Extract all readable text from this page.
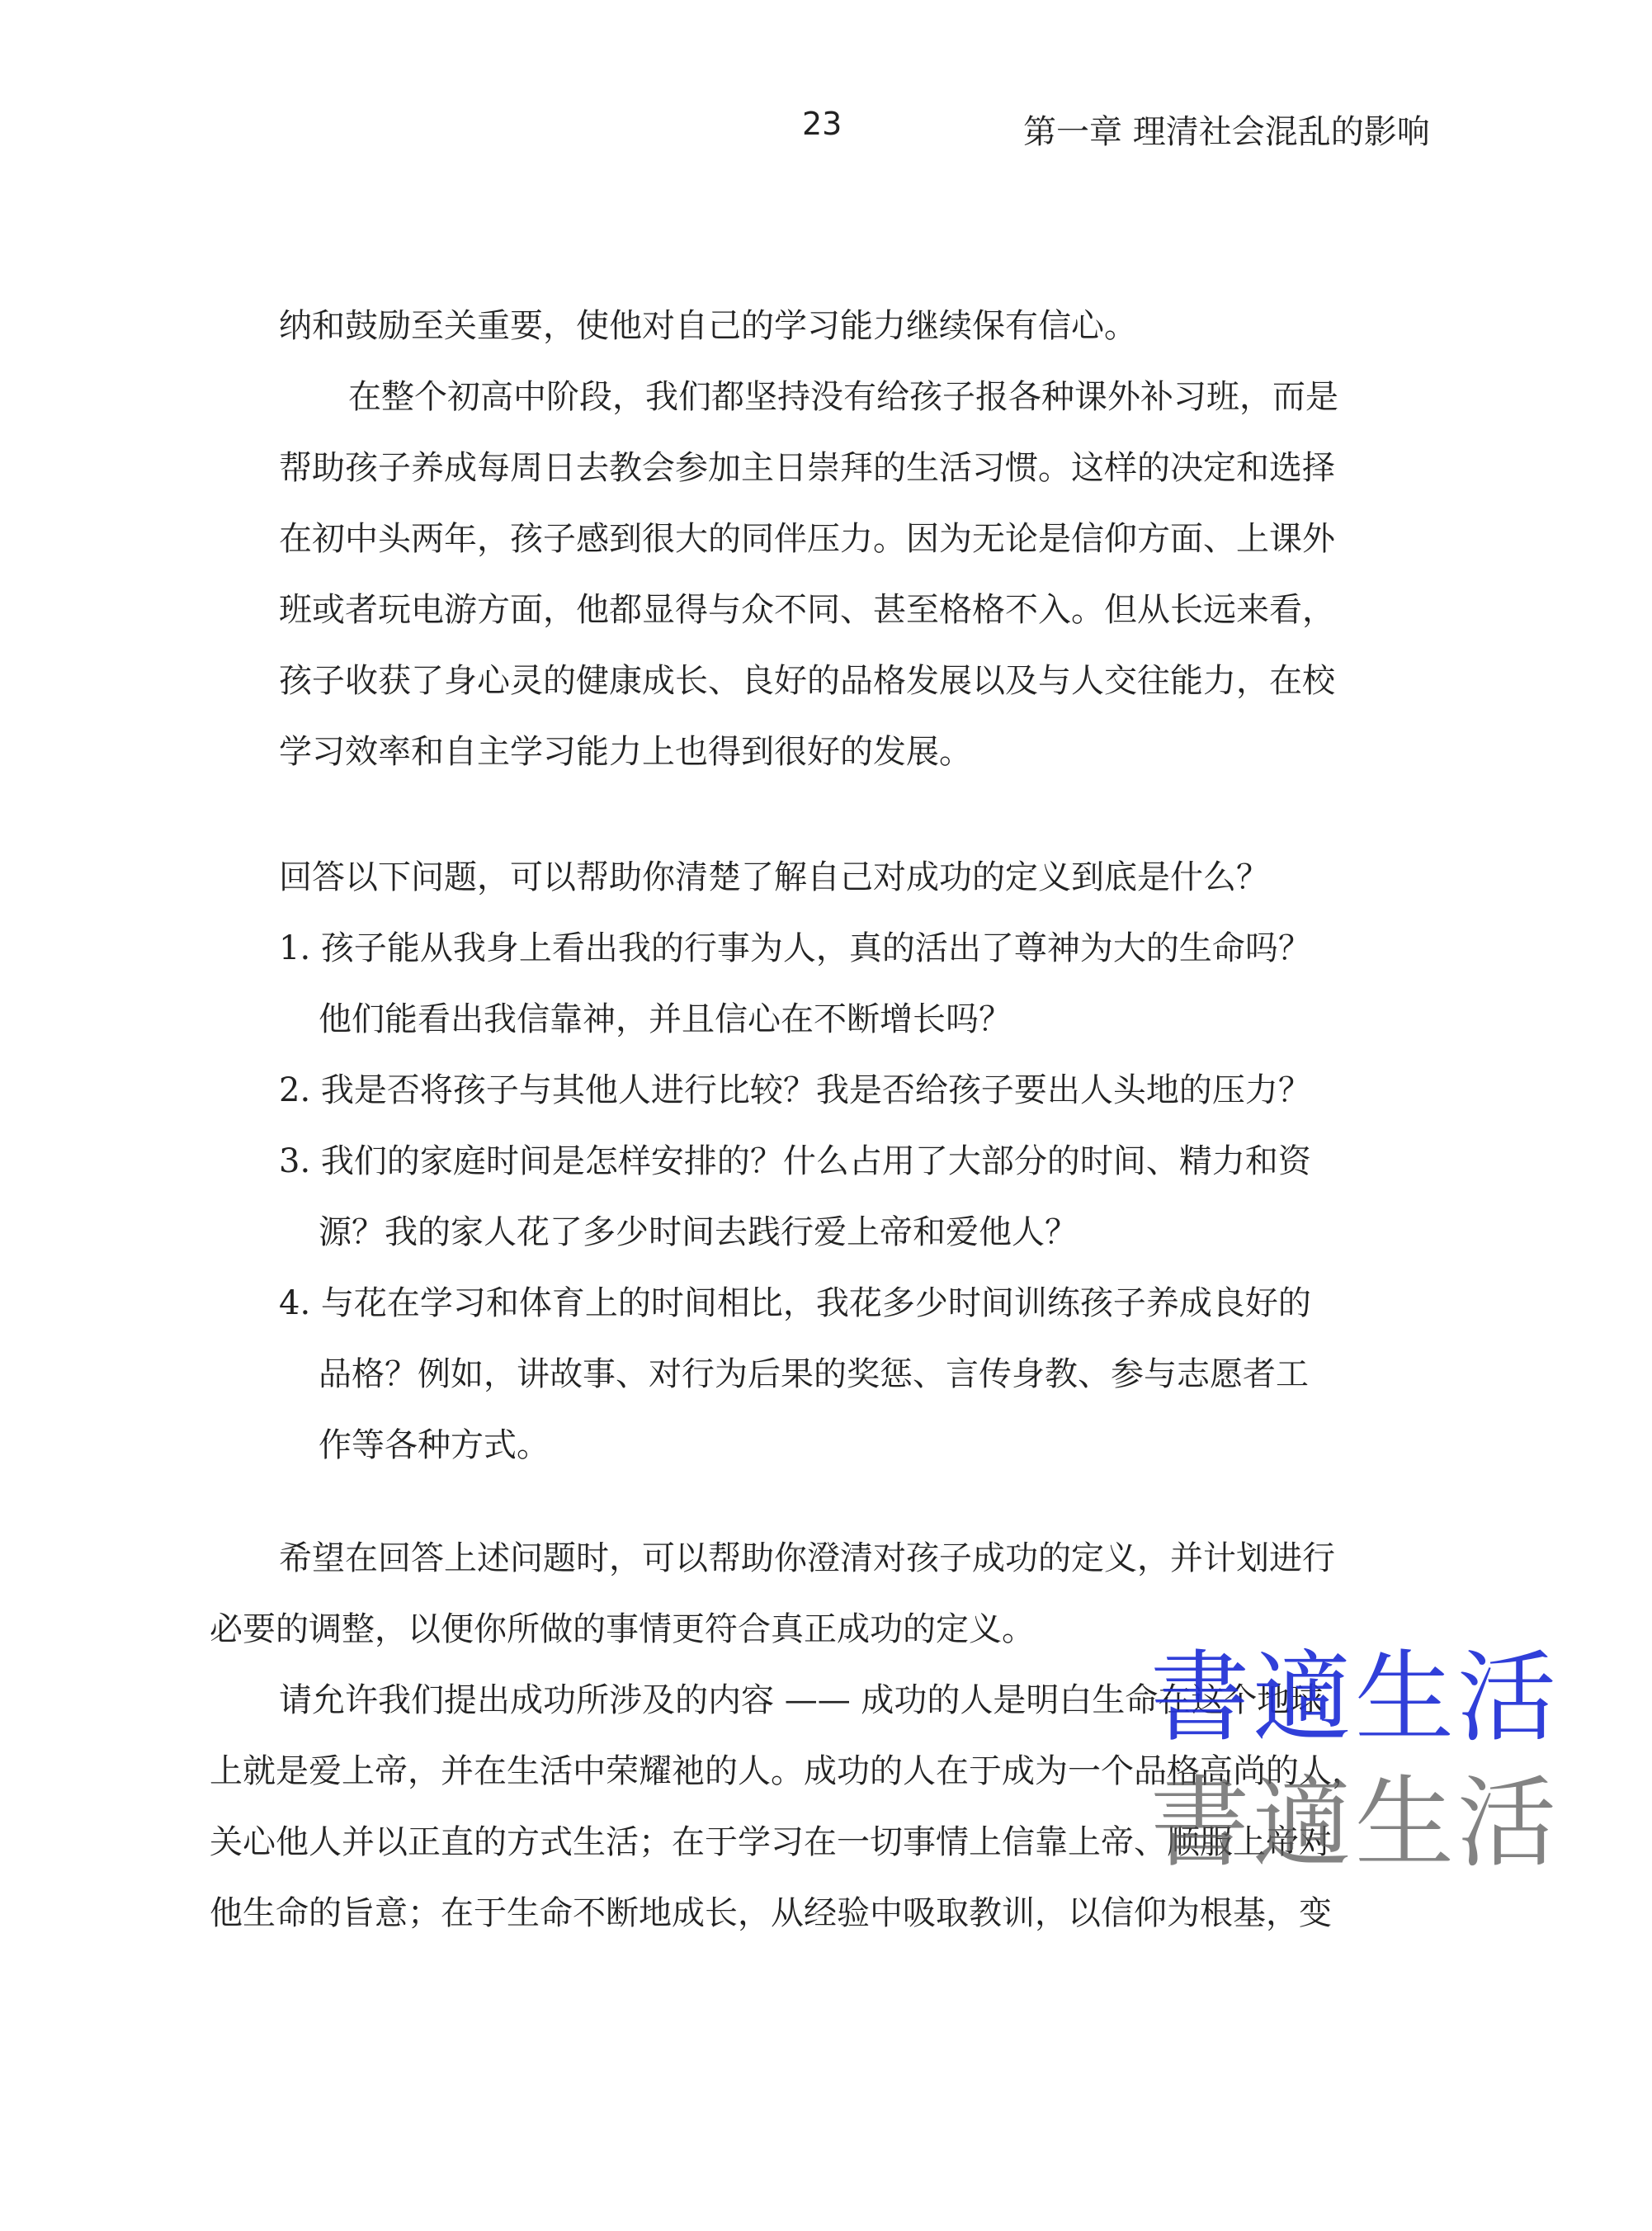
23	第一章 理清社会混乱的影响
纳和鼓励至关重要，使他对自己的学习能力继续保有信心。
在整个初高中阶段，我们都坚持没有给孩子报各种课外补习班，而是
帮助孩子养成每周日去教会参加主日崇拜的生活习惯。这样的决定和选择
在初中头两年，孩子感到很大的同伴压力。因为无论是信仰方面、上课外
班或者玩电游方面，他都显得与众不同、甚至格格不入。但从长远来看，
孩子收获了身心灵的健康成长、良好的品格发展以及与人交往能力，在校
学习效率和自主学习能力上也得到很好的发展。
回答以下问题，可以帮助你清楚了解自己对成功的定义到底是什么？
1. 孩子能从我身上看出我的行事为人，真的活出了尊神为大的生命吗？
他们能看出我信靠神，并且信心在不断增长吗？
2. 我是否将孩子与其他人进行比较？我是否给孩子要出人头地的压力？
3. 我们的家庭时间是怎样安排的？什么占用了大部分的时间、精力和资
源？我的家人花了多少时间去践行爱上帝和爱他人？
4. 与花在学习和体育上的时间相比，我花多少时间训练孩子养成良好的
品格？例如，讲故事、对行为后果的奖惩、言传身教、参与志愿者工
作等各种方式。
希望在回答上述问题时，可以帮助你澄清对孩子成功的定义，并计划进行
必要的调整，以便你所做的事情更符合真正成功的定义。
请允许我们提出成功所涉及的内容 —— 成功的人是明白生命在这个地球
上就是爱上帝，并在生活中荣耀祂的人。成功的人在于成为一个品格高尚的人，
关心他人并以正直的方式生活；在于学习在一切事情上信靠上帝、顺服上帝对
他生命的旨意；在于生命不断地成长，从经验中吸取教训，以信仰为根基，变
書適生活
書適生活
